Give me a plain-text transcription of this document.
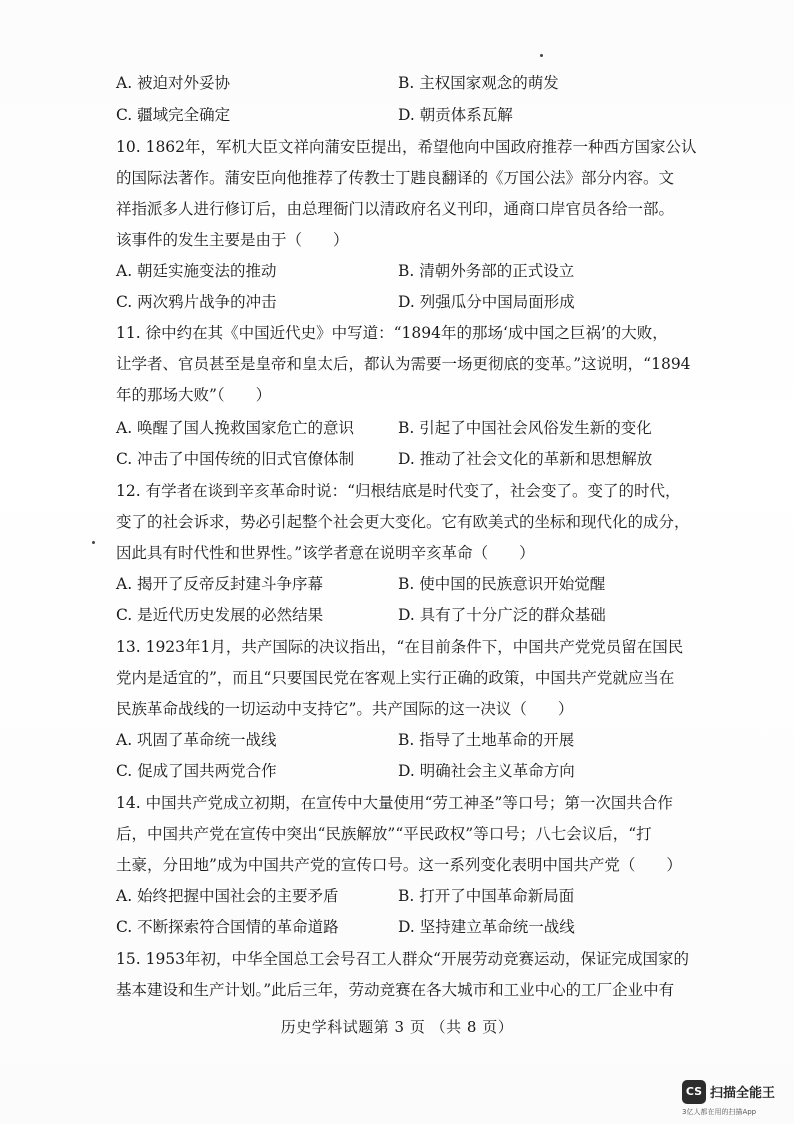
A. 被迫对外妥协	B. 主权国家观念的萌发
C. 疆域完全确定	D. 朝贡体系瓦解
10. 1862年，军机大臣文祥向蒲安臣提出，希望他向中国政府推荐一种西方国家公认
的国际法著作。蒲安臣向他推荐了传教士丁韪良翻译的《万国公法》部分内容。文
祥指派多人进行修订后，由总理衙门以清政府名义刊印，通商口岸官员各给一部。
该事件的发生主要是由于（　　）
A. 朝廷实施变法的推动	B. 清朝外务部的正式设立
C. 两次鸦片战争的冲击	D. 列强瓜分中国局面形成
11. 徐中约在其《中国近代史》中写道：“1894年的那场‘成中国之巨祸’的大败，
让学者、官员甚至是皇帝和皇太后，都认为需要一场更彻底的变革。”这说明，“1894
年的那场大败”（　　）
A. 唤醒了国人挽救国家危亡的意识	B. 引起了中国社会风俗发生新的变化
C. 冲击了中国传统的旧式官僚体制	D. 推动了社会文化的革新和思想解放
12. 有学者在谈到辛亥革命时说：“归根结底是时代变了，社会变了。变了的时代，
变了的社会诉求，势必引起整个社会更大变化。它有欧美式的坐标和现代化的成分，
因此具有时代性和世界性。”该学者意在说明辛亥革命（　　）
A. 揭开了反帝反封建斗争序幕	B. 使中国的民族意识开始觉醒
C. 是近代历史发展的必然结果	D. 具有了十分广泛的群众基础
13. 1923年1月，共产国际的决议指出，“在目前条件下，中国共产党党员留在国民
党内是适宜的”，而且“只要国民党在客观上实行正确的政策，中国共产党就应当在
民族革命战线的一切运动中支持它”。共产国际的这一决议（　　）
A. 巩固了革命统一战线	B. 指导了土地革命的开展
C. 促成了国共两党合作	D. 明确社会主义革命方向
14. 中国共产党成立初期，在宣传中大量使用“劳工神圣”等口号；第一次国共合作
后，中国共产党在宣传中突出“民族解放”“平民政权”等口号；八七会议后，“打
土豪，分田地”成为中国共产党的宣传口号。这一系列变化表明中国共产党（　　）
A. 始终把握中国社会的主要矛盾	B. 打开了中国革命新局面
C. 不断探索符合国情的革命道路	D. 坚持建立革命统一战线
15. 1953年初，中华全国总工会号召工人群众“开展劳动竞赛运动，保证完成国家的
基本建设和生产计划。”此后三年，劳动竞赛在各大城市和工业中心的工厂企业中有
历史学科试题第 3 页 （共 8 页）
CS 扫描全能王
3亿人都在用的扫描App
